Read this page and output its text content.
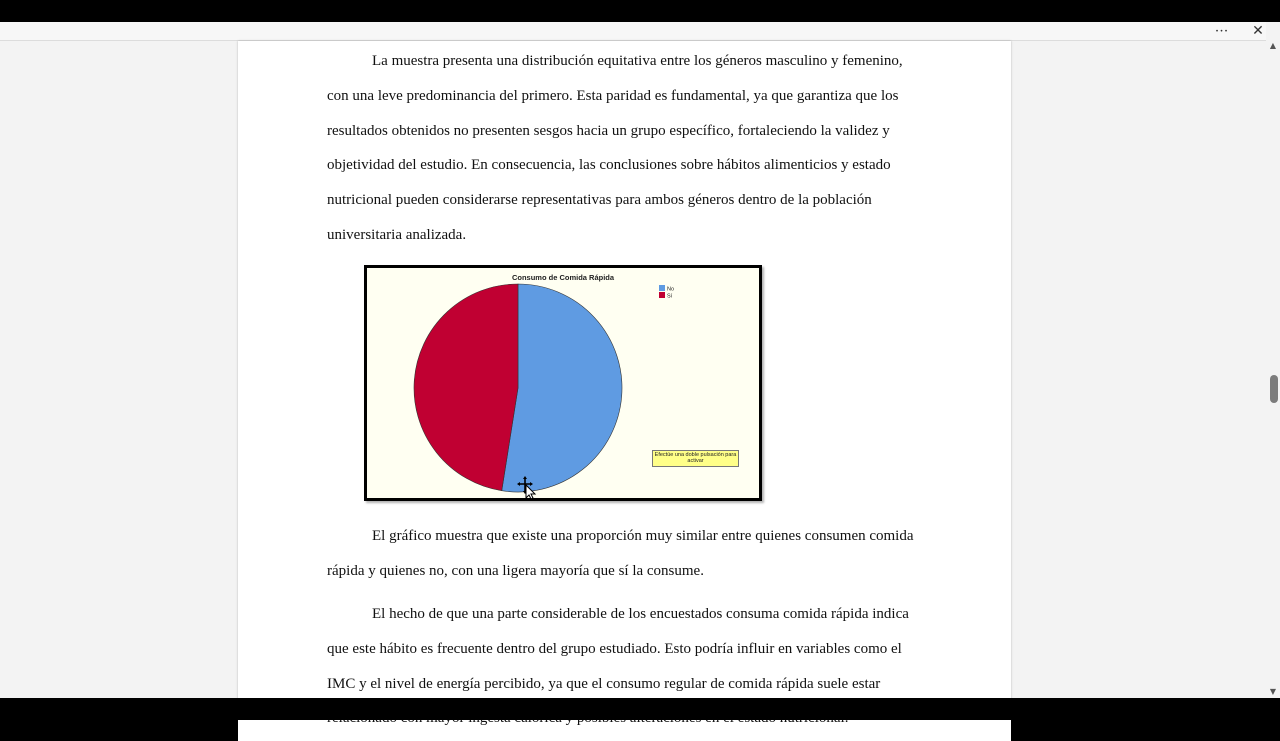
••• ✕

La muestra presenta una distribución equitativa entre los géneros masculino y femenino, con una leve predominancia del primero. Esta paridad es fundamental, ya que garantiza que los resultados obtenidos no presenten sesgos hacia un grupo específico, fortaleciendo la validez y objetividad del estudio. En consecuencia, las conclusiones sobre hábitos alimenticios y estado nutricional pueden considerarse representativas para ambos géneros dentro de la población universitaria analizada.

Consumo de Comida Rápida
No
Sí
Efectúe una doble pulsación para activar

El gráfico muestra que existe una proporción muy similar entre quienes consumen comida rápida y quienes no, con una ligera mayoría que sí la consume.

El hecho de que una parte considerable de los encuestados consuma comida rápida indica que este hábito es frecuente dentro del grupo estudiado. Esto podría influir en variables como el IMC y el nivel de energía percibido, ya que el consumo regular de comida rápida suele estar

▲
▼
